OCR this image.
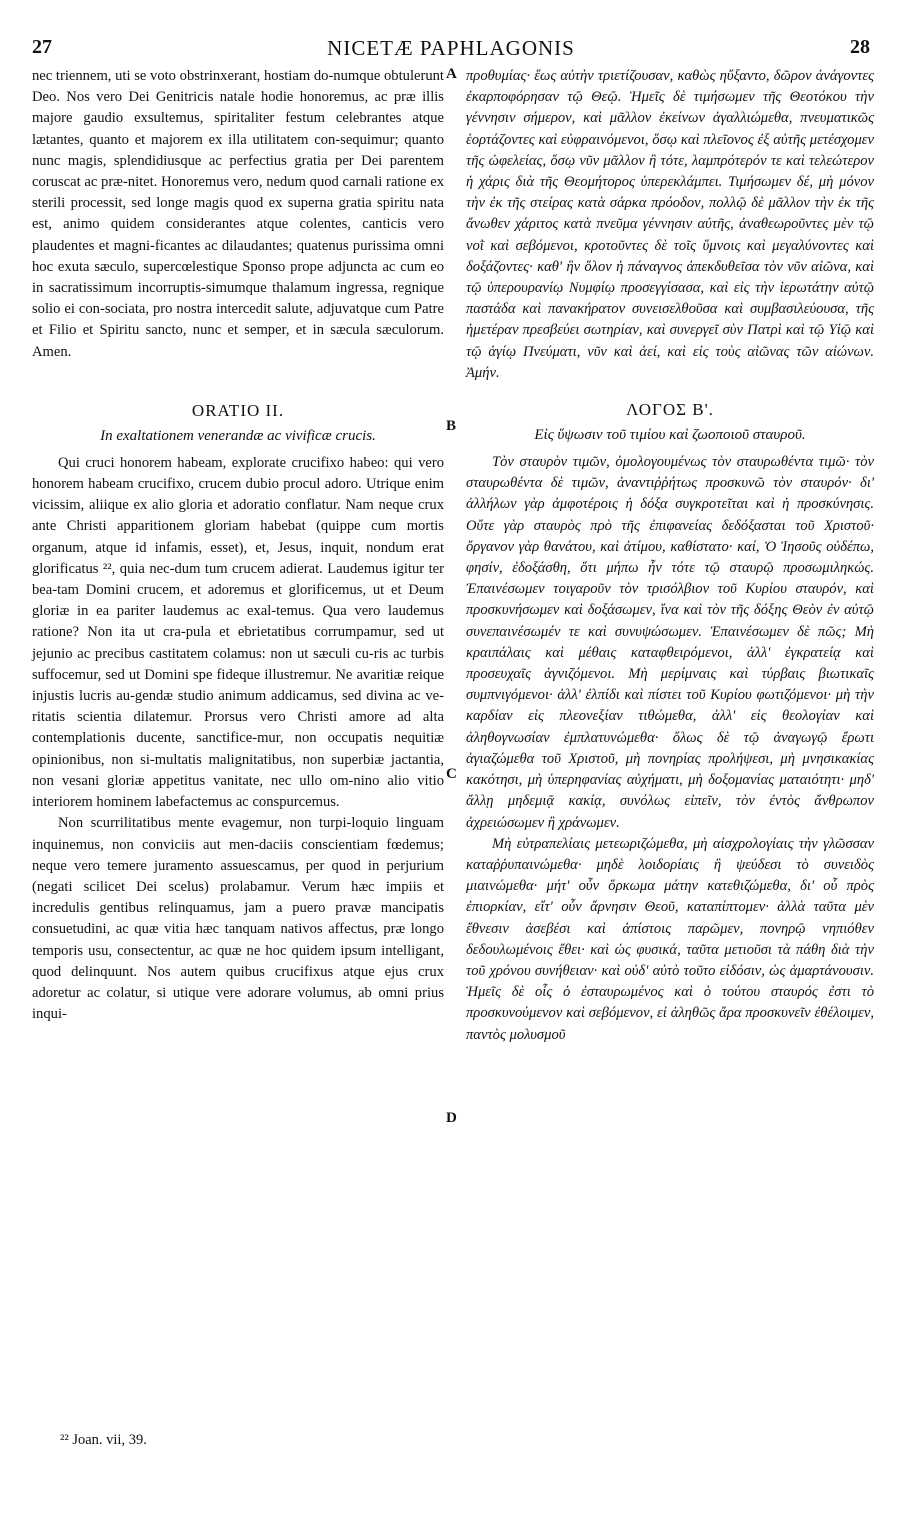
27	NICETÆ PAPHLAGONIS	28

nec triennem, uti se voto obstrinxerant, hostiam do-numque obtulerunt Deo. Nos vero Dei Genitricis natale hodie honoremus, ac præ illis majore gaudio exsultemus, spiritaliter festum celebrantes atque lætantes, quanto et majorem ex illa utilitatem con-sequimur; quanto nunc magis, splendidiusque ac perfectius gratia per Dei parentem coruscat ac præ-nitet. Honoremus vero, nedum quod carnali ratione ex sterili processit, sed longe magis quod ex superna gratia spiritu nata est, animo quidem considerantes atque colentes, canticis vero plaudentes et magni-ficantes ac dilaudantes; quatenus purissima omni hoc exuta sæculo, supercœlestique Sponso prope adjuncta ac cum eo in sacratissimum incorruptis-simumque thalamum ingressa, regnique solio ei con-sociata, pro nostra intercedit salute, adjuvatque cum Patre et Filio et Spiritu sancto, nunc et semper, et in sæcula sæculorum. Amen.

ORATIO II.
In exaltationem venerandæ ac vivificæ crucis.

Qui cruci honorem habeam, explorate crucifixo habeo: qui vero honorem habeam crucifixo, crucem dubio procul adoro. Utrique enim vicissim, aliique ex alio gloria et adoratio conflatur. Nam neque crux ante Christi apparitionem gloriam habebat (quippe cum mortis organum, atque id infamis, esset), et, Jesus, inquit, nondum erat glorificatus ²², quia nec-dum tum crucem adierat. Laudemus igitur ter bea-tam Domini crucem, et adoremus et glorificemus, ut et Deum gloriæ in ea pariter laudemus ac exal-temus. Qua vero laudemus ratione? Non ita ut cra-pula et ebrietatibus corrumpamur, sed ut jejunio ac precibus castitatem colamus: non ut sæculi cu-ris ac turbis suffocemur, sed ut Domini spe fideque illustremur. Ne avaritiæ reique injustis lucris au-gendæ studio animum addicamus, sed divina ac ve-ritatis scientia dilatemur. Prorsus vero Christi amore ad alta contemplationis ducente, sanctifice-mur, non occupatis nequitiæ opinionibus, non si-multatis malignitatibus, non superbiæ jactantia, non vesani gloriæ appetitus vanitate, nec ullo om-nino alio vitio interiorem hominem labefactemus ac conspurcemus.

Non scurrilitatibus mente evagemur, non turpi-loquio linguam inquinemus, non conviciis aut men-daciis conscientiam fœdemus; neque vero temere juramento assuescamus, per quod in perjurium (negati scilicet Dei scelus) prolabamur. Verum hæc impiis et incredulis gentibus relinquamus, jam a puero pravæ mancipatis consuetudini, ac quæ vitia hæc tanquam nativos affectus, præ longo temporis usu, consectentur, ac quæ ne hoc quidem ipsum intelligant, quod delinquunt. Nos autem quibus crucifixus atque ejus crux adoretur ac colatur, si utique vere adorare volumus, ab omni prius inqui-

προθυμίας· ἕως αὐτὴν τριετίζουσαν, καθὼς ηὔξαντο, δῶρον ἀνάγοντες ἐκαρποφόρησαν τῷ Θεῷ. Ἡμεῖς δὲ τιμήσωμεν τῆς Θεοτόκου τὴν γέννησιν σήμερον, καὶ μᾶλλον ἐκείνων ἀγαλλιώμεθα, πνευματικῶς ἑορτάζοντες καὶ εὐφραινόμενοι, ὅσῳ καὶ πλεῖονος ἐξ αὐτῆς μετέσχομεν τῆς ὠφελείας, ὅσῳ νῦν μᾶλλον ἢ τότε, λαμπρότερόν τε καὶ τελεώτερον ἡ χάρις διὰ τῆς Θεομήτορος ὑπερεκλάμπει. Τιμήσωμεν δέ, μὴ μόνον τὴν ἐκ τῆς στείρας κατὰ σάρκα πρόοδον, πολλῷ δὲ μᾶλλον τὴν ἐκ τῆς ἄνωθεν χάριτος κατὰ πνεῦμα γέννησιν αὐτῆς, ἀναθεωροῦντες μὲν τῷ νοῒ καὶ σεβόμενοι, κροτοῦντες δὲ τοῖς ὕμνοις καὶ μεγαλύνοντες καὶ δοξάζοντες· καθ' ἣν ὅλον ἡ πάναγνος ἀπεκδυθεῖσα τὸν νῦν αἰῶνα, καὶ τῷ ὑπερουρανίῳ Νυμφίῳ προσεγγίσασα, καὶ εἰς τὴν ἱερωτάτην αὐτῷ παστάδα καὶ πανακήρατον συνεισελθοῦσα καὶ συμβασιλεύουσα, τῆς ἡμετέραν πρεσβεύει σωτηρίαν, καὶ συνεργεῖ σὺν Πατρὶ καὶ τῷ Υἱῷ καὶ τῷ ἁγίῳ Πνεύματι, νῦν καὶ ἀεί, καὶ εἰς τοὺς αἰῶνας τῶν αἰώνων. Ἀμήν.

ΛΟΓΟΣ Β'.
Εἰς ὕψωσιν τοῦ τιμίου καὶ ζωοποιοῦ σταυροῦ.

Τὸν σταυρὸν τιμῶν, ὁμολογουμένως τὸν σταυρωθέντα τιμῶ· τὸν σταυρωθέντα δὲ τιμῶν, ἀναντιῤῥήτως προσκυνῶ τὸν σταυρόν· δι' ἀλλήλων γὰρ ἀμφοτέροις ἡ δόξα συγκροτεῖται καὶ ἡ προσκύνησις. Οὔτε γὰρ σταυρὸς πρὸ τῆς ἐπιφανείας δεδόξασται τοῦ Χριστοῦ· ὄργανον γὰρ θανάτου, καὶ ἀτίμου, καθίστατο· καί, Ὁ Ἰησοῦς οὐδέπω, φησίν, ἐδοξάσθη, ὅτι μήπω ἦν τότε τῷ σταυρῷ προσωμιληκώς. Ἐπαινέσωμεν τοιγαροῦν τὸν τρισόλβιον τοῦ Κυρίου σταυρόν, καὶ προσκυνήσωμεν καὶ δοξάσωμεν, ἵνα καὶ τὸν τῆς δόξης Θεὸν ἐν αὐτῷ συνεπαινέσωμέν τε καὶ συνυψώσωμεν. Ἐπαινέσωμεν δὲ πῶς; Μὴ κραιπάλαις καὶ μέθαις καταφθειρόμενοι, ἀλλ' ἐγκρατείᾳ καὶ προσευχαῖς ἁγνιζόμενοι. Μὴ μερίμναις καὶ τύρβαις βιωτικαῖς συμπνιγόμενοι· ἀλλ' ἐλπίδι καὶ πίστει τοῦ Κυρίου φωτιζόμενοι· μὴ τὴν καρδίαν εἰς πλεονεξίαν τιθώμεθα, ἀλλ' εἰς θεολογίαν καὶ ἀληθογνωσίαν ἐμπλατυνώμεθα· ὅλως δὲ τῷ ἀναγωγῷ ἔρωτι ἁγιαζώμεθα τοῦ Χριστοῦ, μὴ πονηρίας προλήψεσι, μὴ μνησικακίας κακότησι, μὴ ὑπερηφανίας αὐχήματι, μὴ δοξομανίας ματαιότητι· μηδ' ἄλλῃ μηδεμιᾷ κακίᾳ, συνόλως εἰπεῖν, τὸν ἐντὸς ἄνθρωπον ἀχρειώσωμεν ἢ χράνωμεν.

Μὴ εὐτραπελίαις μετεωριζώμεθα, μὴ αἰσχρολογίαις τὴν γλῶσσαν καταῤῥυπαινώμεθα· μηδὲ λοιδορίαις ἢ ψεύδεσι τὸ συνειδὸς μιαινώμεθα· μήτ' οὖν ὅρκωμα μάτην κατεθιζώμεθα, δι' οὗ πρὸς ἐπιορκίαν, εἴτ' οὖν ἄρνησιν Θεοῦ, καταπίπτομεν· ἀλλὰ ταῦτα μὲν ἔθνεσιν ἀσεβέσι καὶ ἀπίστοις παρῶμεν, πονηρῷ νηπιόθεν δεδουλωμένοις ἔθει· καὶ ὡς φυσικά, ταῦτα μετιοῦσι τὰ πάθη διὰ τὴν τοῦ χρόνου συνήθειαν· καὶ οὐδ' αὐτὸ τοῦτο εἰδόσιν, ὡς ἁμαρτάνουσιν. Ἡμεῖς δὲ οἷς ὁ ἐσταυρωμένος καὶ ὁ τούτου σταυρός ἐστι τὸ προσκυνούμενον καὶ σεβόμενον, εἰ ἀληθῶς ἄρα προσκυνεῖν ἐθέλοιμεν, παντὸς μολυσμοῦ

A
B
C
D
²² Joan. vii, 39.
